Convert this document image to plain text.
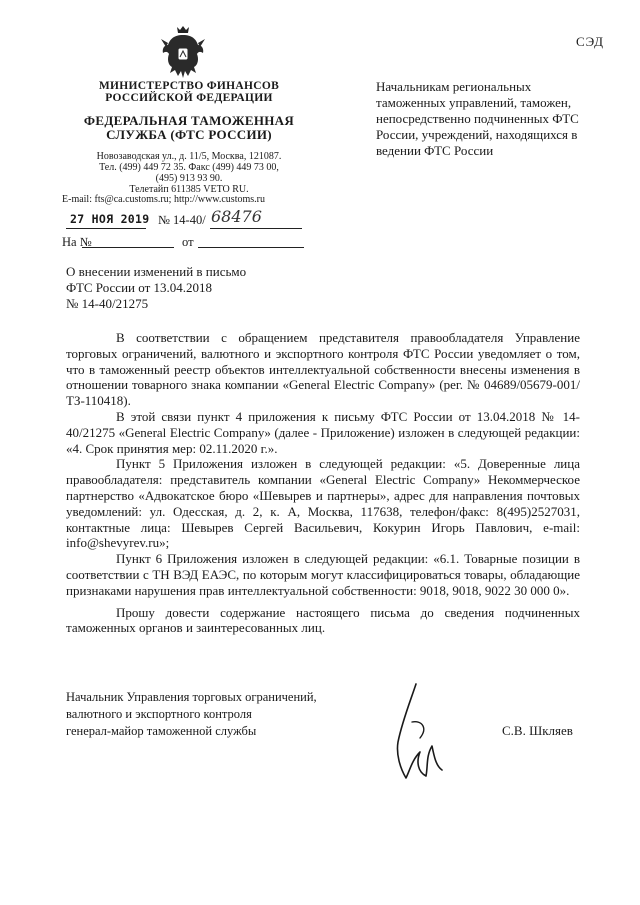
СЭД
МИНИСТЕРСТВО ФИНАНСОВ РОССИЙСКОЙ ФЕДЕРАЦИИ
ФЕДЕРАЛЬНАЯ ТАМОЖЕННАЯ СЛУЖБА (ФТС РОССИИ)
Новозаводская ул., д. 11/5, Москва, 121087.
Тел. (499) 449 72 35. Факс (499) 449 73 00,
(495) 913 93 90.
Телетайп 611385 VETO RU.
E-mail: fts@ca.customs.ru; http://www.customs.ru
Начальникам региональных таможенных управлений, таможен, непосредственно подчиненных ФТС России, учреждений, находящихся в ведении ФТС России
27 НОЯ 2019 № 14-40/ 68476
На №	от
О внесении изменений в письмо
ФТС России от 13.04.2018
№ 14-40/21275

В соответствии с обращением представителя правообладателя Управление торговых ограничений, валютного и экспортного контроля ФТС России уведомляет о том, что в таможенный реестр объектов интеллектуальной собственности внесены изменения в отношении товарного знака компании «General Electric Company» (рег. № 04689/05679-001/ТЗ-110418).

В этой связи пункт 4 приложения к письму ФТС России от 13.04.2018 № 14-40/21275 «General Electric Company» (далее - Приложение) изложен в следующей редакции: «4. Срок принятия мер: 02.11.2020 г.».

Пункт 5 Приложения изложен в следующей редакции: «5. Доверенные лица правообладателя: представитель компании «General Electric Company» Некоммерческое партнерство «Адвокатское бюро «Шевырев и партнеры», адрес для направления почтовых уведомлений: ул. Одесская, д. 2, к. А, Москва, 117638, телефон/факс: 8(495)2527031, контактные лица: Шевырев Сергей Васильевич, Кокурин Игорь Павлович, e-mail: info@shevyrev.ru»;

Пункт 6 Приложения изложен в следующей редакции: «6.1. Товарные позиции в соответствии с ТН ВЭД ЕАЭС, по которым могут классифицироваться товары, обладающие признаками нарушения прав интеллектуальной собственности: 9018, 9018, 9022 30 000 0».

Прошу довести содержание настоящего письма до сведения подчиненных таможенных органов и заинтересованных лиц.

Начальник Управления торговых ограничений,
валютного и экспортного контроля
генерал-майор таможенной службы	С.В. Шкляев
